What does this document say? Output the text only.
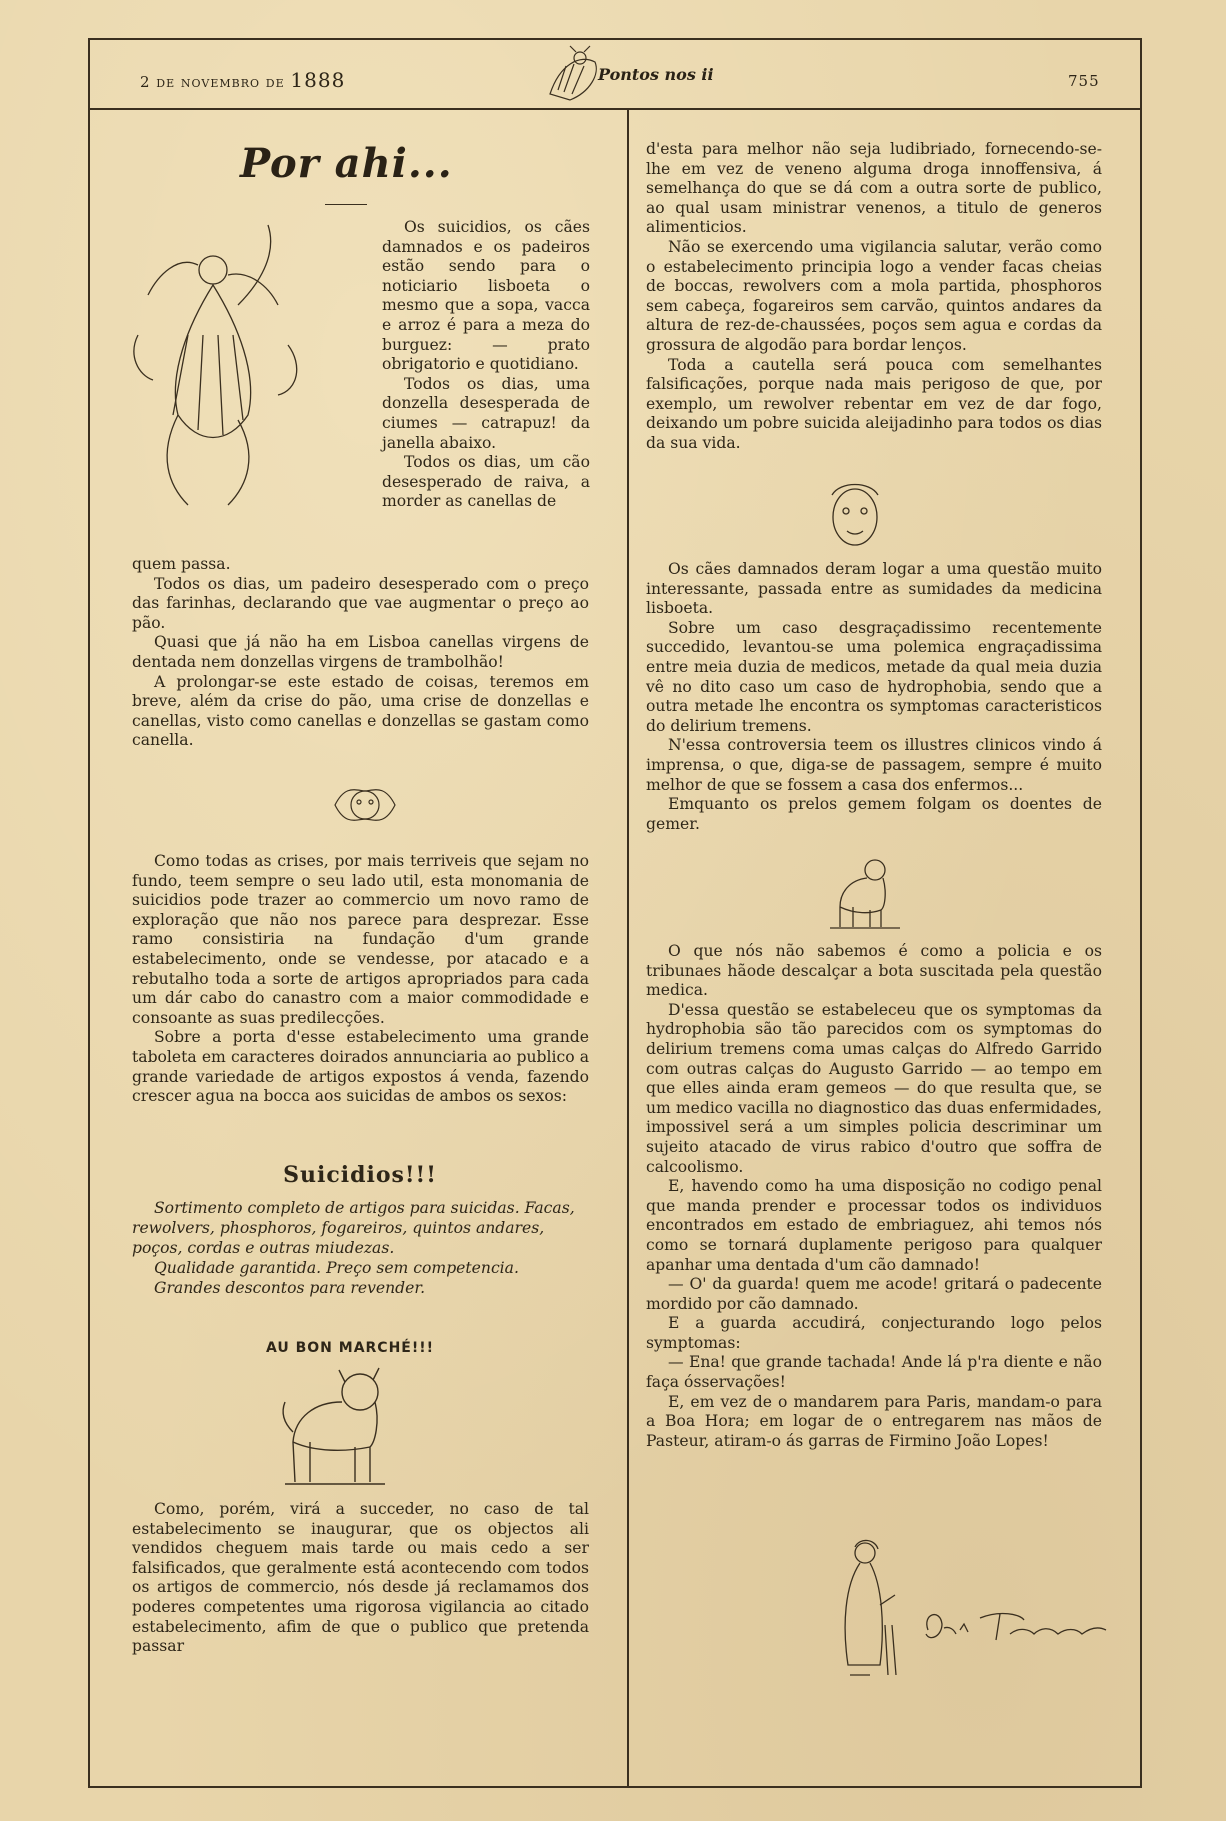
2 de novembro de 1888	Pontos nos ii	755
Por ahi...

Os suicidios, os cães damnados e os padeiros estão sendo para o noticiario lisboeta o mesmo que a sopa, vacca e arroz é para a meza do burguez: — prato obrigatorio e quotidiano.

Todos os dias, uma donzella desesperada de ciumes — catrapuz! da janella abaixo.

Todos os dias, um cão desesperado de raiva, a morder as canellas de

quem passa.

Todos os dias, um padeiro desesperado com o preço das farinhas, declarando que vae augmentar o preço ao pão.

Quasi que já não ha em Lisboa canellas virgens de dentada nem donzellas virgens de trambolhão!

A prolongar-se este estado de coisas, teremos em breve, além da crise do pão, uma crise de donzellas e canellas, visto como canellas e donzellas se gastam como canella.

Como todas as crises, por mais terriveis que sejam no fundo, teem sempre o seu lado util, esta monomania de suicidios pode trazer ao commercio um novo ramo de exploração que não nos parece para desprezar. Esse ramo consistiria na fundação d'um grande estabelecimento, onde se vendesse, por atacado e a rebutalho toda a sorte de artigos apropriados para cada um dár cabo do canastro com a maior commodidade e consoante as suas predilecções.

Sobre a porta d'esse estabelecimento uma grande taboleta em caracteres doirados annunciaria ao publico a grande variedade de artigos expostos á venda, fazendo crescer agua na bocca aos suicidas de ambos os sexos:

Suicidios!!!

Sortimento completo de artigos para suicidas. Facas, rewolvers, phosphoros, fogareiros, quintos andares, poços, cordas e outras miudezas.

Qualidade garantida. Preço sem competencia.

Grandes descontos para revender.

AU BON MARCHÉ!!!

Como, porém, virá a succeder, no caso de tal estabelecimento se inaugurar, que os objectos ali vendidos cheguem mais tarde ou mais cedo a ser falsificados, que geralmente está acontecendo com todos os artigos de commercio, nós desde já reclamamos dos poderes competentes uma rigorosa vigilancia ao citado estabelecimento, afim de que o publico que pretenda passar

d'esta para melhor não seja ludibriado, fornecendo-se-lhe em vez de veneno alguma droga innoffensiva, á semelhança do que se dá com a outra sorte de publico, ao qual usam ministrar venenos, a titulo de generos alimenticios.

Não se exercendo uma vigilancia salutar, verão como o estabelecimento principia logo a vender facas cheias de boccas, rewolvers com a mola partida, phosphoros sem cabeça, fogareiros sem carvão, quintos andares da altura de rez-de-chaussées, poços sem agua e cordas da grossura de algodão para bordar lenços.

Toda a cautella será pouca com semelhantes falsificações, porque nada mais perigoso de que, por exemplo, um rewolver rebentar em vez de dar fogo, deixando um pobre suicida aleijadinho para todos os dias da sua vida.

Os cães damnados deram logar a uma questão muito interessante, passada entre as sumidades da medicina lisboeta.

Sobre um caso desgraçadissimo recentemente succedido, levantou-se uma polemica engraçadissima entre meia duzia de medicos, metade da qual meia duzia vê no dito caso um caso de hydrophobia, sendo que a outra metade lhe encontra os symptomas caracteristicos do delirium tremens.

N'essa controversia teem os illustres clinicos vindo á imprensa, o que, diga-se de passagem, sempre é muito melhor de que se fossem a casa dos enfermos...

Emquanto os prelos gemem folgam os doentes de gemer.

O que nós não sabemos é como a policia e os tribunaes hãode descalçar a bota suscitada pela questão medica.

D'essa questão se estabeleceu que os symptomas da hydrophobia são tão parecidos com os symptomas do delirium tremens coma umas calças do Alfredo Garrido com outras calças do Augusto Garrido — ao tempo em que elles ainda eram gemeos — do que resulta que, se um medico vacilla no diagnostico das duas enfermidades, impossivel será a um simples policia descriminar um sujeito atacado de virus rabico d'outro que soffra de calcoolismo.

E, havendo como ha uma disposição no codigo penal que manda prender e processar todos os individuos encontrados em estado de embriaguez, ahi temos nós como se tornará duplamente perigoso para qualquer apanhar uma dentada d'um cão damnado!

— O' da guarda! quem me acode! gritará o padecente mordido por cão damnado.

E a guarda accudirá, conjecturando logo pelos symptomas:

— Ena! que grande tachada! Ande lá p'ra diente e não faça ósservações!

E, em vez de o mandarem para Paris, mandam-o para a Boa Hora; em logar de o entregarem nas mãos de Pasteur, atiram-o ás garras de Firmino João Lopes!
